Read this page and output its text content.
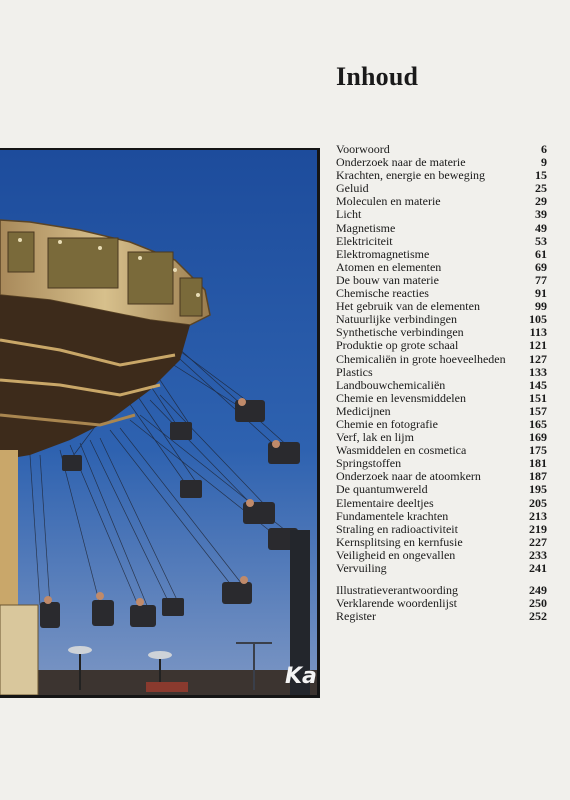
Inhoud
Ka
Voorwoord	6
Onderzoek naar de materie	9
Krachten, energie en beweging	15
Geluid	25
Moleculen en materie	29
Licht	39
Magnetisme	49
Elektriciteit	53
Elektromagnetisme	61
Atomen en elementen	69
De bouw van materie	77
Chemische reacties	91
Het gebruik van de elementen	99
Natuurlijke verbindingen	105
Synthetische verbindingen	113
Produktie op grote schaal	121
Chemicaliën in grote hoeveelheden	127
Plastics	133
Landbouwchemicaliën	145
Chemie en levensmiddelen	151
Medicijnen	157
Chemie en fotografie	165
Verf, lak en lijm	169
Wasmiddelen en cosmetica	175
Springstoffen	181
Onderzoek naar de atoomkern	187
De quantumwereld	195
Elementaire deeltjes	205
Fundamentele krachten	213
Straling en radioactiviteit	219
Kernsplitsing en kernfusie	227
Veiligheid en ongevallen	233
Vervuiling	241
Illustratieverantwoording	249
Verklarende woordenlijst	250
Register	252
